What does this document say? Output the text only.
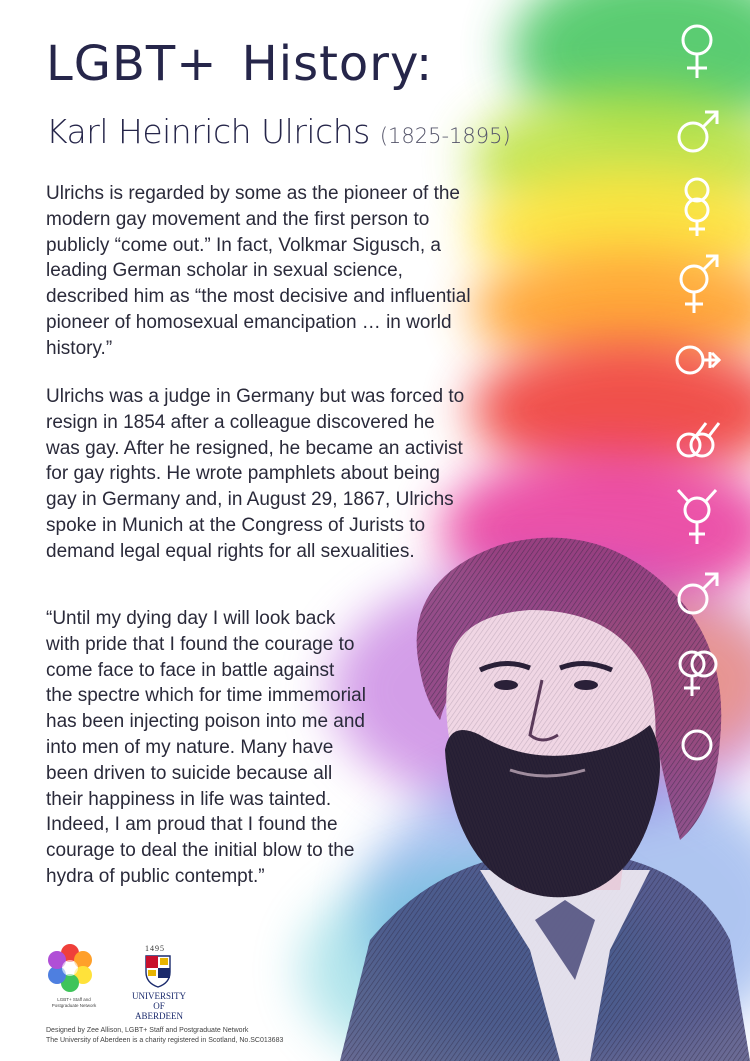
LGBT+ History:
Karl Heinrich Ulrichs (1825-1895)

Ulrichs is regarded by some as the pioneer of the modern gay movement and the first person to publicly “come out.” In fact, Volkmar Sigusch, a leading German scholar in sexual science, described him as “the most decisive and influential pioneer of homosexual emancipation … in world history.”

Ulrichs was a judge in Germany but was forced to resign in 1854 after a colleague discovered he was gay. After he resigned, he became an activist for gay rights. He wrote pamphlets about being gay in Germany and, in August 29, 1867, Ulrichs spoke in Munich at the Congress of Jurists to demand legal equal rights for all sexualities.

“Until my dying day I will look back with pride that I found the courage to come face to face in battle against the spectre which for time immemorial has been injecting poison into me and into men of my nature. Many have been driven to suicide because all their happiness in life was tainted. Indeed, I am proud that I found the courage to deal the initial blow to the hydra of public contempt.”

LGBT+ Staff and Postgraduate Network
1495
UNIVERSITY OF
ABERDEEN
Designed by Zee Allison, LGBT+ Staff and Postgraduate Network
The University of Aberdeen is a charity registered in Scotland, No.SC013683
